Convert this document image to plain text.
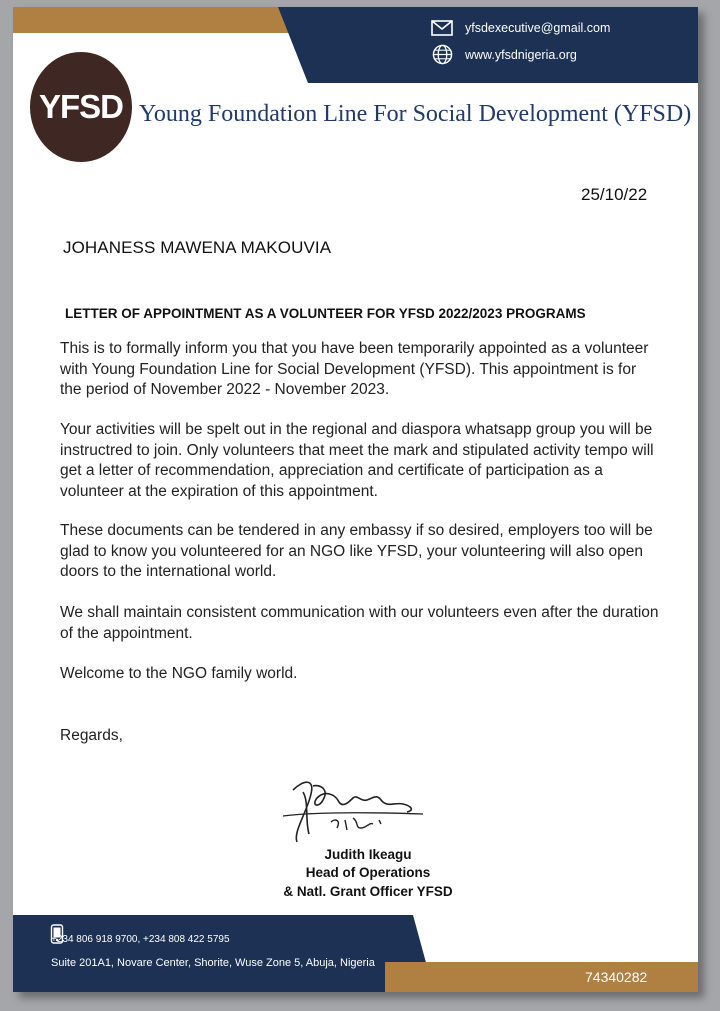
yfsdexecutive@gmail.com
www.yfsdnigeria.org
YFSD Young Foundation Line For Social Development (YFSD)
25/10/22
JOHANESS MAWENA MAKOUVIA
LETTER OF APPOINTMENT AS A VOLUNTEER FOR YFSD 2022/2023 PROGRAMS
This is to formally inform you that you have been temporarily appointed as a volunteer with Young Foundation Line for Social Development (YFSD). This appointment is for the period of November 2022 - November 2023.
Your activities will be spelt out in the regional and diaspora whatsapp group you will be instructred to join. Only volunteers that meet the mark and stipulated activity tempo will get a letter of recommendation, appreciation and certificate of participation as a volunteer at the expiration of this appointment.
These documents can be tendered in any embassy if so desired, employers too will be glad to know you volunteered for an NGO like YFSD, your volunteering will also open doors to the international world.
We shall maintain consistent communication with our volunteers even after the duration of the appointment.
Welcome to the NGO family world.
Regards,
Judith Ikeagu
Head of Operations
& Natl. Grant Officer YFSD
+234 806 918 9700, +234 808 422 5795
Suite 201A1, Novare Center, Shorite, Wuse Zone 5, Abuja, Nigeria
74340282
